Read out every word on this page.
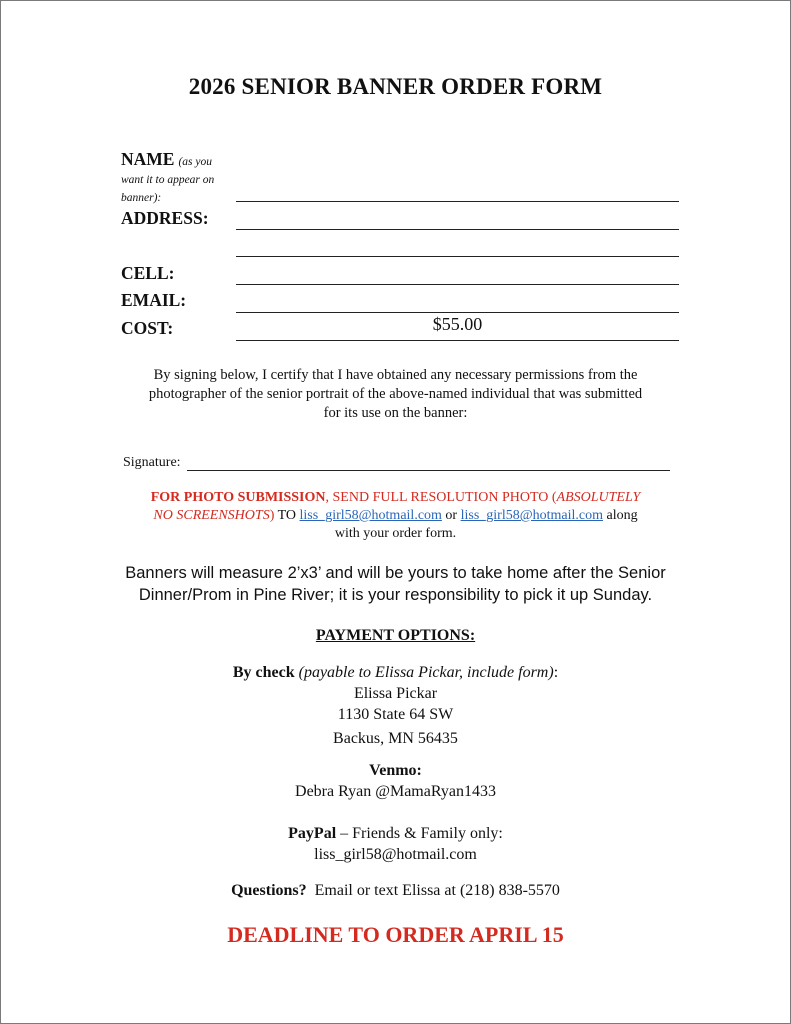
2026 SENIOR BANNER ORDER FORM
NAME (as you
want it to appear on
banner):
ADDRESS:
CELL:
EMAIL:
COST:	$55.00
By signing below, I certify that I have obtained any necessary permissions from the
photographer of the senior portrait of the above-named individual that was submitted
for its use on the banner:
Signature:
FOR PHOTO SUBMISSION, SEND FULL RESOLUTION PHOTO (ABSOLUTELY
NO SCREENSHOTS) TO liss_girl58@hotmail.com or liss_girl58@hotmail.com along
with your order form.
Banners will measure 2’x3’ and will be yours to take home after the Senior
Dinner/Prom in Pine River; it is your responsibility to pick it up Sunday.
PAYMENT OPTIONS:
By check (payable to Elissa Pickar, include form):
Elissa Pickar
1130 State 64 SW
Backus, MN 56435
Venmo:
Debra Ryan @MamaRyan1433
PayPal – Friends & Family only:
liss_girl58@hotmail.com
Questions?  Email or text Elissa at (218) 838-5570
DEADLINE TO ORDER APRIL 15
